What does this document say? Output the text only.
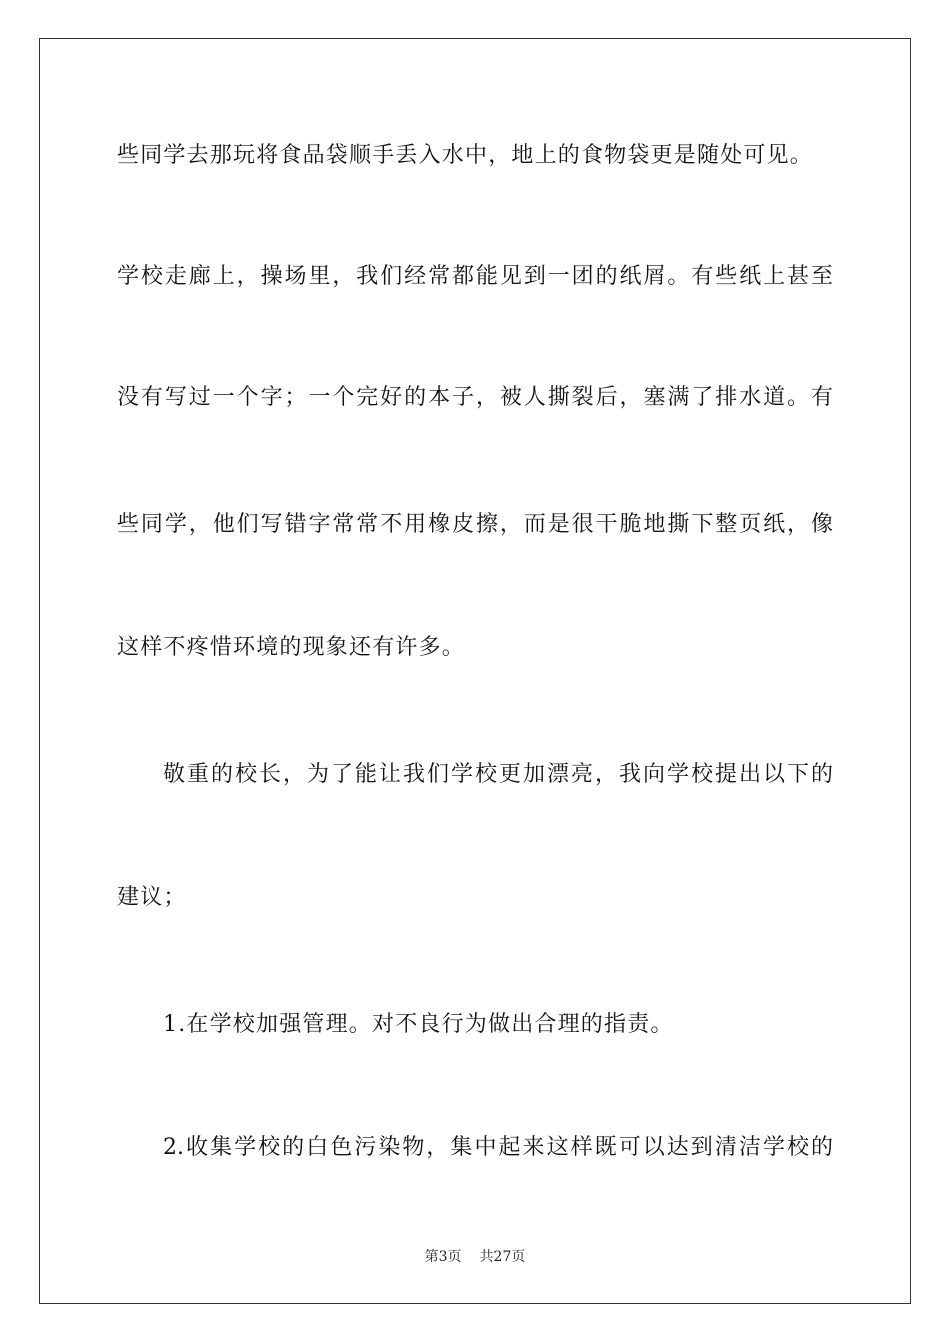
些同学去那玩将食品袋顺手丢入水中，地上的食物袋更是随处可见。
学校走廊上，操场里，我们经常都能见到一团的纸屑。有些纸上甚至
没有写过一个字；一个完好的本子，被人撕裂后，塞满了排水道。有
些同学，他们写错字常常不用橡皮擦，而是很干脆地撕下整页纸，像
这样不疼惜环境的现象还有许多。
敬重的校长，为了能让我们学校更加漂亮，我向学校提出以下的
建议；
1.在学校加强管理。对不良行为做出合理的指责。
2.收集学校的白色污染物，集中起来这样既可以达到清洁学校的
第3页 共27页
